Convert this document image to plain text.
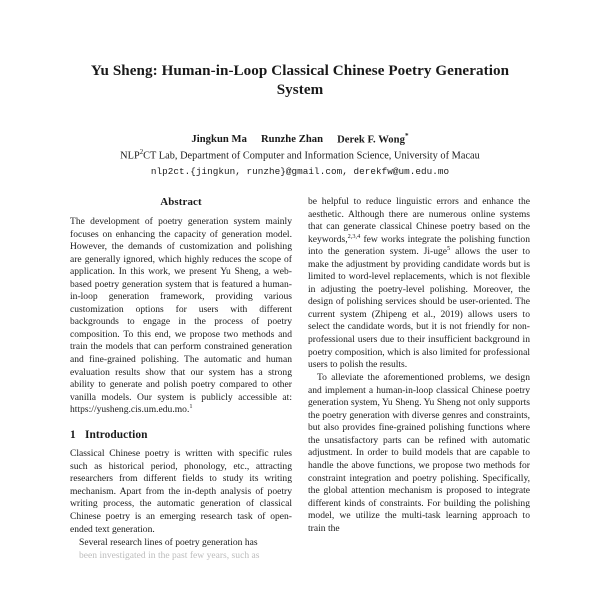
Yu Sheng: Human-in-Loop Classical Chinese Poetry Generation System
Jingkun Ma Runzhe Zhan Derek F. Wong*
NLP$^2$CT Lab, Department of Computer and Information Science, University of Macau
nlp2ct.{jingkun, runzhe}@gmail.com, derekfw@um.edu.mo
Abstract

The development of poetry generation system mainly focuses on enhancing the capacity of generation model. However, the demands of customization and polishing are generally ignored, which highly reduces the scope of application. In this work, we present Yu Sheng, a web-based poetry generation system that is featured a human-in-loop generation framework, providing various customization options for users with different backgrounds to engage in the process of poetry composition. To this end, we propose two methods and train the models that can perform constrained generation and fine-grained polishing. The automatic and human evaluation results show that our system has a strong ability to generate and polish poetry compared to other vanilla models. Our system is publicly accessible at: https://yusheng.cis.um.edu.mo.$^1$

1 Introduction

Classical Chinese poetry is written with specific rules such as historical period, phonology, etc., attracting researchers from different fields to study its writing mechanism. Apart from the in-depth analysis of poetry writing process, the automatic generation of classical Chinese poetry is an emerging research task of open-ended text generation.

Several research lines of poetry generation has

been investigated in the past few years, such as

be helpful to reduce linguistic errors and enhance the aesthetic. Although there are numerous online systems that can generate classical Chinese poetry based on the keywords,$^{2,3,4}$ few works integrate the polishing function into the generation system. Ji-uge$^5$ allows the user to make the adjustment by providing candidate words but is limited to word-level replacements, which is not flexible in adjusting the poetry-level polishing. Moreover, the design of polishing services should be user-oriented. The current system (Zhipeng et al., 2019) allows users to select the candidate words, but it is not friendly for non-professional users due to their insufficient background in poetry composition, which is also limited for professional users to polish the results.

To alleviate the aforementioned problems, we design and implement a human-in-loop classical Chinese poetry generation system, Yu Sheng. Yu Sheng not only supports the poetry generation with diverse genres and constraints, but also provides fine-grained polishing functions where the unsatisfactory parts can be refined with automatic adjustment. In order to build models that are capable to handle the above functions, we propose two methods for constraint integration and poetry polishing. Specifically, the global attention mechanism is proposed to integrate different kinds of constraints. For building the polishing model, we utilize the multi-task learning approach to train the
